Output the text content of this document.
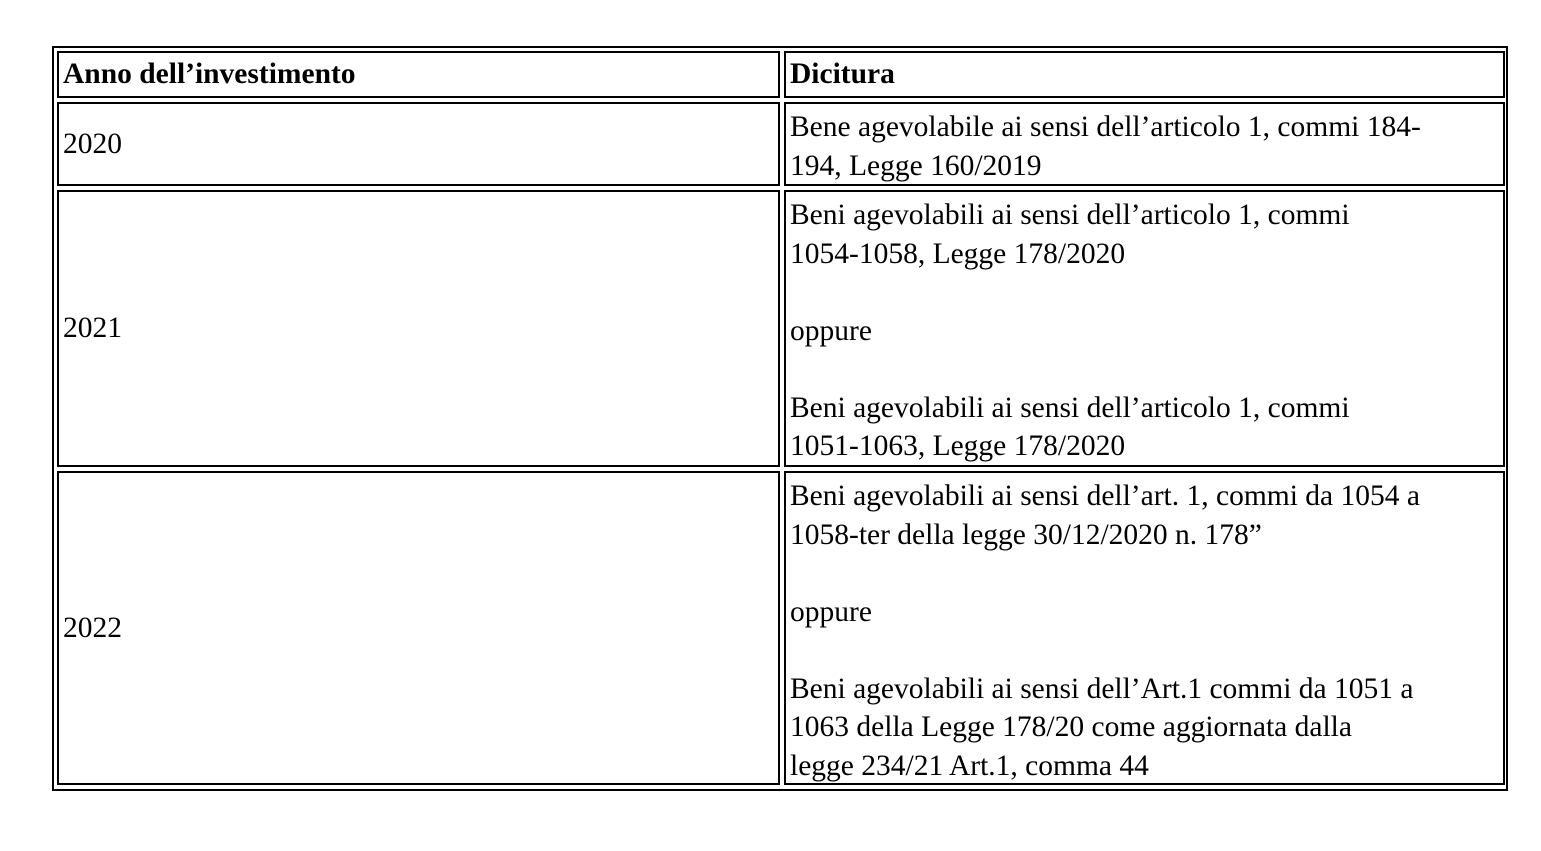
Anno dell’investimento	Dicitura
2020

Bene agevolabile ai sensi dell’articolo 1, commi 184-
194, Legge 160/2019

2021

Beni agevolabili ai sensi dell’articolo 1, commi
1054-1058, Legge 178/2020

oppure

Beni agevolabili ai sensi dell’articolo 1, commi
1051-1063, Legge 178/2020

2022

Beni agevolabili ai sensi dell’art. 1, commi da 1054 a
1058-ter della legge 30/12/2020 n. 178”

oppure

Beni agevolabili ai sensi dell’Art.1 commi da 1051 a
1063 della Legge 178/20 come aggiornata dalla
legge 234/21 Art.1, comma 44
